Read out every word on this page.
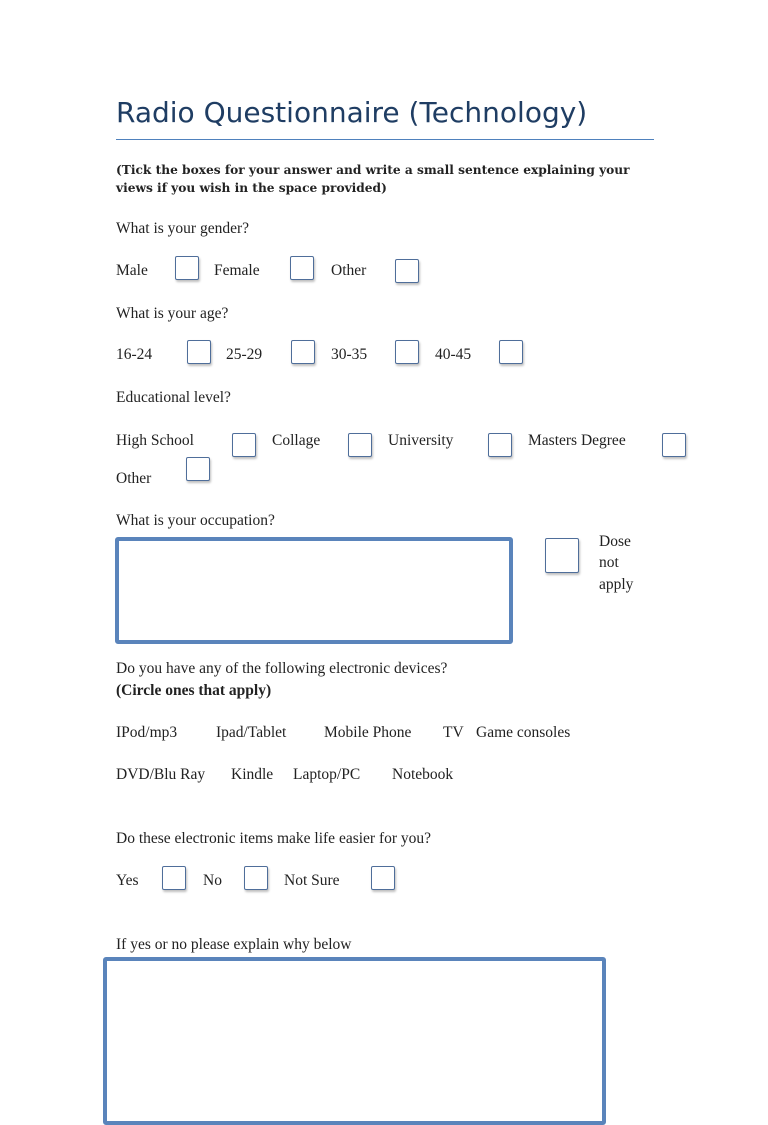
Radio Questionnaire (Technology)
(Tick the boxes for your answer and write a small sentence explaining your views if you wish in the space provided)
What is your gender?
Male	Female	Other
What is your age?
16-24	25-29	30-35	40-45
Educational level?
High School	Collage	University	Masters Degree
Other
What is your occupation?
Dose
not
apply
Do you have any of the following electronic devices?
(Circle ones that apply)
IPod/mp3	Ipad/Tablet Mobile Phone TV Game consoles
DVD/Blu Ray Kindle Laptop/PC Notebook
Do these electronic items make life easier for you?
Yes	No	Not Sure
If yes or no please explain why below
